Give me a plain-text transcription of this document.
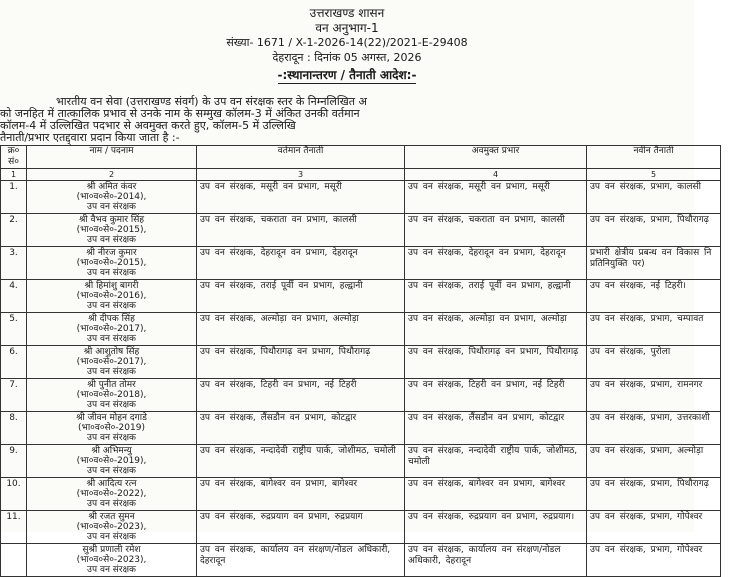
उत्तराखण्ड शासन
वन अनुभाग-1
संख्या- 1671 / X-1-2026-14(22)/2021-E-29408
देहरादून : दिनांक 05 अगस्त, 2026
-:स्थानान्तरण / तैनाती आदेश:-
भारतीय वन सेवा (उत्तराखण्ड संवर्ग) के उप वन संरक्षक स्तर के निम्नलिखित अ
को जनहित में तात्कालिक प्रभाव से उनके नाम के सम्मुख कॉलम-3 में अंकित उनकी वर्तमान
कॉलम-4 में उल्लिखित पदभार से अवमुक्त करते हुए, कॉलम-5 में उल्लिखि
तैनाती/प्रभार एतद्द्वारा प्रदान किया जाता है :-
क्र० सं०	नाम / पदनाम	वर्तमान तैनाती	अवमुक्त प्रभार	नवीन तैनाती
1	2	3	4	5
1.	श्री अमित कंवर
(भा०व०से०-2014),
उप वन संरक्षक	उप वन संरक्षक, मसूरी वन प्रभाग, मसूरी	उप वन संरक्षक, मसूरी वन प्रभाग, मसूरी	उप वन संरक्षक, प्रभाग, कालसी
2.	श्री वैभव कुमार सिंह
(भा०व०से०-2015),
उप वन संरक्षक	उप वन संरक्षक, चकराता वन प्रभाग, कालसी	उप वन संरक्षक, चकराता वन प्रभाग, कालसी	उप वन संरक्षक, प्रभाग, पिथौरागढ़
3.	श्री नीरज कुमार
(भा०व०से०-2015),
उप वन संरक्षक	उप वन संरक्षक, देहरादून वन प्रभाग, देहरादून	उप वन संरक्षक, देहरादून वन प्रभाग, देहरादून	प्रभारी क्षेत्रीय प्रबन्ध वन विकास नि प्रतिनियुक्ति पर)
4.	श्री हिमांशु बागरी
(भा०व०से०-2016),
उप वन संरक्षक	उप वन संरक्षक, तराई पूर्वी वन प्रभाग, हल्द्वानी	उप वन संरक्षक, तराई पूर्वी वन प्रभाग, हल्द्वानी	उप वन संरक्षक, नई टिहरी।
5.	श्री दीपक सिंह
(भा०व०से०-2017),
उप वन संरक्षक	उप वन संरक्षक, अल्मोड़ा वन प्रभाग, अल्मोड़ा	उप वन संरक्षक, अल्मोड़ा वन प्रभाग, अल्मोड़ा	उप वन संरक्षक, प्रभाग, चम्पावत
6.	श्री आशुतोष सिंह
(भा०व०से०-2017),
उप वन संरक्षक	उप वन संरक्षक, पिथौरागढ़ वन प्रभाग, पिथौरागढ़	उप वन संरक्षक, पिथौरागढ़ वन प्रभाग, पिथौरागढ़	उप वन संरक्षक, पुरोला
7.	श्री पुनीत तोमर
(भा०व०से०-2018),
उप वन संरक्षक	उप वन संरक्षक, टिहरी वन प्रभाग, नई टिहरी	उप वन संरक्षक, टिहरी वन प्रभाग, नई टिहरी	उप वन संरक्षक, प्रभाग, रामनगर
8.	श्री जीवन मोहन दगाडे
(भा०व०से०-2019)
उप वन संरक्षक	उप वन संरक्षक, लैंसडौन वन प्रभाग, कोटद्वार	उप वन संरक्षक, लैंसडौन वन प्रभाग, कोटद्वार	उप वन संरक्षक, प्रभाग, उत्तरकाशी
9.	श्री अभिमन्यु
(भा०व०से०-2019),
उप वन संरक्षक	उप वन संरक्षक, नन्दादेवी राष्ट्रीय पार्क, जोशीमठ, चमोली	उप वन संरक्षक, नन्दादेवी राष्ट्रीय पार्क, जोशीमठ, चमोली	उप वन संरक्षक, प्रभाग, अल्मोड़ा
10.	श्री आदित्य रत्न
(भा०व०से०-2022),
उप वन संरक्षक	उप वन संरक्षक, बागेश्वर वन प्रभाग, बागेश्वर	उप वन संरक्षक, बागेश्वर वन प्रभाग, बागेश्वर	उप वन संरक्षक, प्रभाग, पिथौरागढ़
11.	श्री रजत सुमन
(भा०व०से०-2023),
उप वन संरक्षक	उप वन संरक्षक, रुद्रप्रयाग वन प्रभाग, रुद्रप्रयाग	उप वन संरक्षक, रुद्रप्रयाग वन प्रभाग, रुद्रप्रयाग।	उप वन संरक्षक, प्रभाग, गोपेश्वर

	सुश्री प्रणाली रमेश
(भा०व०से०-2023),
उप वन संरक्षक	उप वन संरक्षक, कार्यालय वन संरक्षण/नोडल अधिकारी, देहरादून	उप वन संरक्षक, कार्यालय वन संरक्षण/नोडल अधिकारी, देहरादून	उप वन संरक्षक, प्रभाग, गोपेश्वर
